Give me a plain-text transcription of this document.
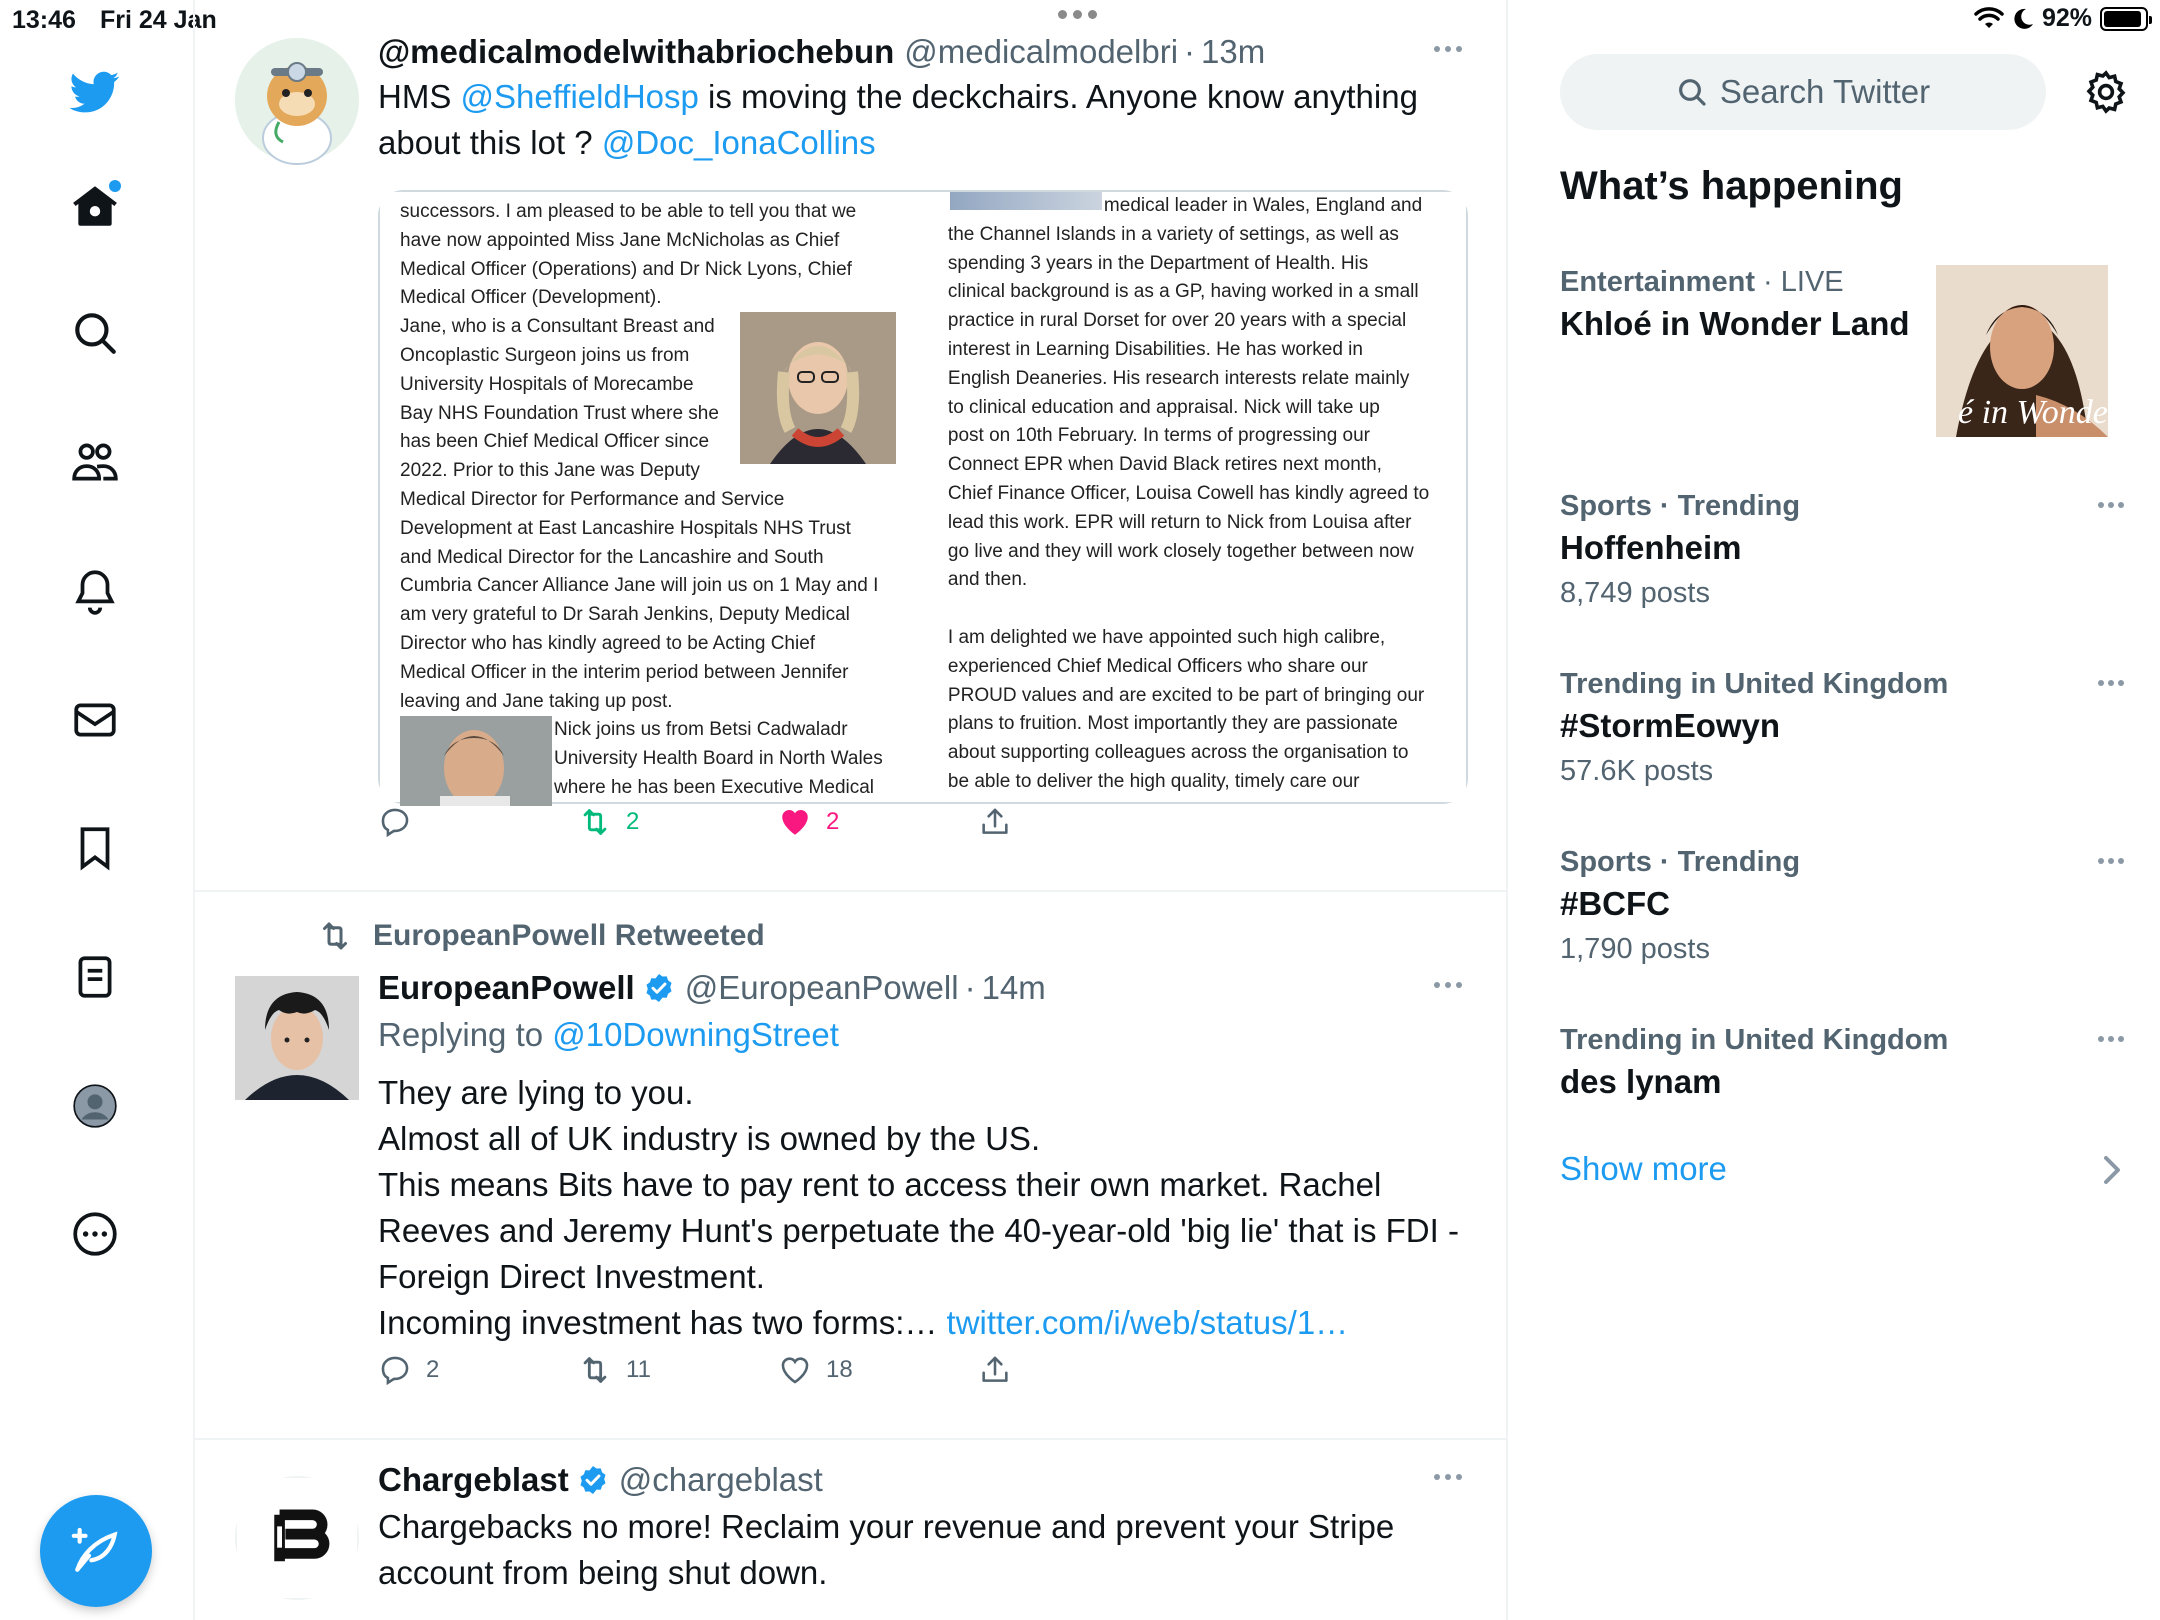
13:46 Fri 24 Jan	92%
@medicalmodelwithabriochebun @medicalmodelbri · 13m
HMS @SheffieldHosp is moving the deckchairs. Anyone know anything about this lot ? @Doc_IonaCollins
successors. I am pleased to be able to tell you that we
have now appointed Miss Jane McNicholas as Chief
Medical Officer (Operations) and Dr Nick Lyons, Chief
Medical Officer (Development).
Jane, who is a Consultant Breast and
Oncoplastic Surgeon joins us from
University Hospitals of Morecambe
Bay NHS Foundation Trust where she
has been Chief Medical Officer since
2022. Prior to this Jane was Deputy
Medical Director for Performance and Service
Development at East Lancashire Hospitals NHS Trust
and Medical Director for the Lancashire and South
Cumbria Cancer Alliance Jane will join us on 1 May and I
am very grateful to Dr Sarah Jenkins, Deputy Medical
Director who has kindly agreed to be Acting Chief
Medical Officer in the interim period between Jennifer
leaving and Jane taking up post.
Nick joins us from Betsi Cadwaladr
University Health Board in North Wales
where he has been Executive Medical
medical leader in Wales, England and
the Channel Islands in a variety of settings, as well as
spending 3 years in the Department of Health. His
clinical background is as a GP, having worked in a small
practice in rural Dorset for over 20 years with a special
interest in Learning Disabilities. He has worked in
English Deaneries. His research interests relate mainly
to clinical education and appraisal. Nick will take up
post on 10th February. In terms of progressing our
Connect EPR when David Black retires next month,
Chief Finance Officer, Louisa Cowell has kindly agreed to
lead this work. EPR will return to Nick from Louisa after
go live and they will work closely together between now
and then.

I am delighted we have appointed such high calibre,
experienced Chief Medical Officers who share our
PROUD values and are excited to be part of bringing our
plans to fruition. Most importantly they are passionate
about supporting colleagues across the organisation to
be able to deliver the high quality, timely care our
2	2
EuropeanPowell Retweeted
EuropeanPowell @EuropeanPowell · 14m
Replying to @10DowningStreet
They are lying to you.
Almost all of UK industry is owned by the US.
This means Bits have to pay rent to access their own market. Rachel Reeves and Jeremy Hunt's perpetuate the 40-year-old 'big lie' that is FDI - Foreign Direct Investment.
Incoming investment has two forms:… twitter.com/i/web/status/1…
2	11	18
Chargeblast @chargeblast
Chargebacks no more! Reclaim your revenue and prevent your Stripe account from being shut down.
Search Twitter
What’s happening
Entertainment · LIVE
Khloé in Wonder Land
é in Wonder L
Sports · Trending
Hoffenheim
8,749 posts
Trending in United Kingdom
#StormEowyn
57.6K posts
Sports · Trending
#BCFC
1,790 posts
Trending in United Kingdom
des lynam
Show more
